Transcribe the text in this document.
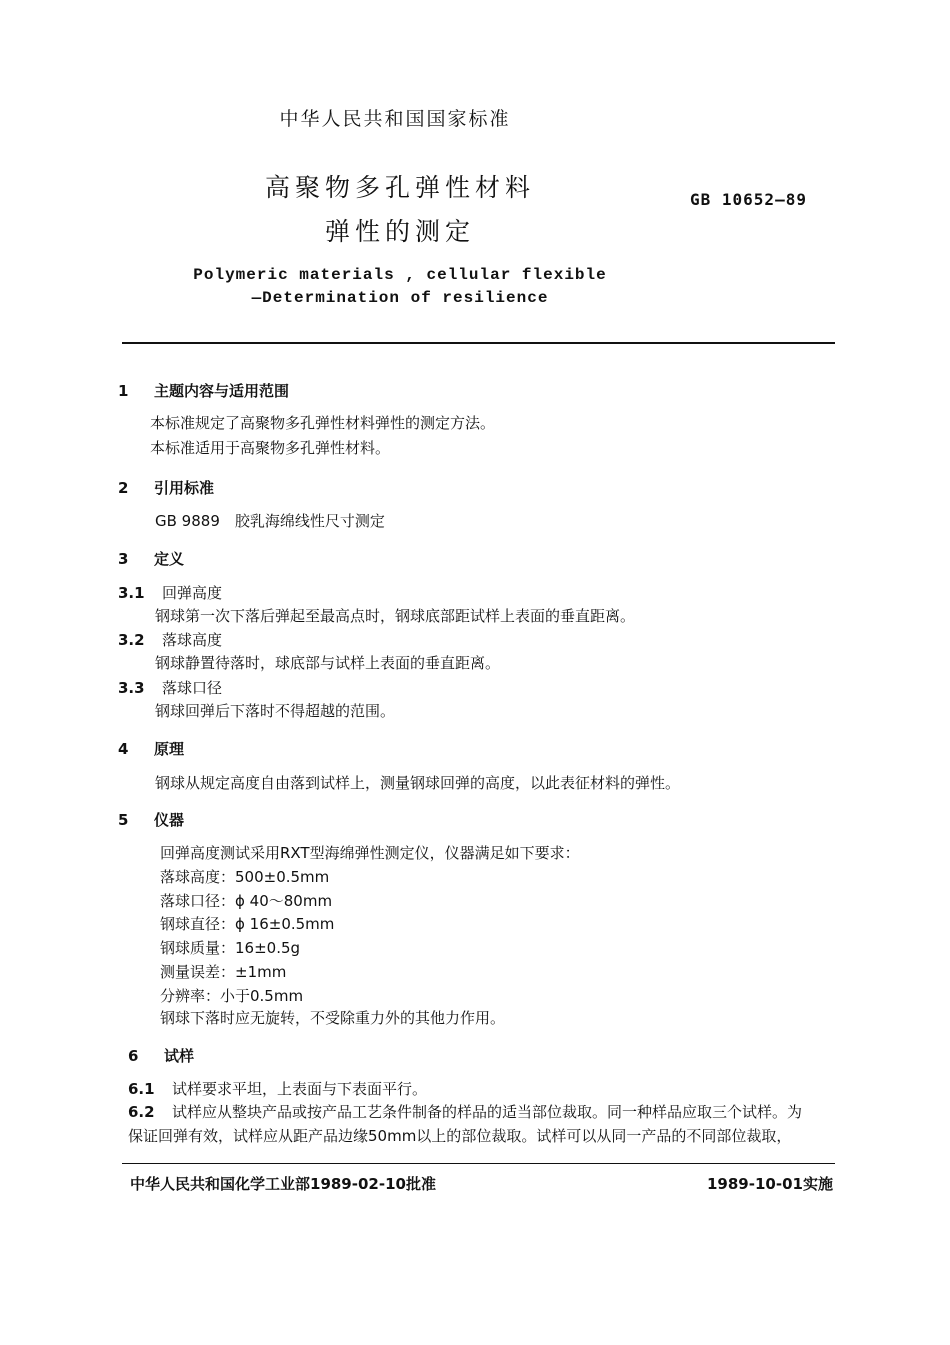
中华人民共和国国家标准
高聚物多孔弹性材料
弹性的测定
GB 10652—89
Polymeric materials , cellular flexible
—Determination of resilience
1 主题内容与适用范围
本标准规定了高聚物多孔弹性材料弹性的测定方法。
本标准适用于高聚物多孔弹性材料。
2 引用标准
GB 9889　胶乳海绵线性尺寸测定
3 定义
3.1 回弹高度
钢球第一次下落后弹起至最高点时，钢球底部距试样上表面的垂直距离。
3.2 落球高度
钢球静置待落时，球底部与试样上表面的垂直距离。
3.3 落球口径
钢球回弹后下落时不得超越的范围。
4 原理
钢球从规定高度自由落到试样上，测量钢球回弹的高度，以此表征材料的弹性。
5 仪器
回弹高度测试采用RXT型海绵弹性测定仪，仪器满足如下要求：
落球高度：500±0.5mm
落球口径：ϕ 40～80mm
钢球直径：ϕ 16±0.5mm
钢球质量：16±0.5g
测量误差：±1mm
分辨率：小于0.5mm
钢球下落时应无旋转，不受除重力外的其他力作用。
6 试样
6.1 试样要求平坦，上表面与下表面平行。
6.2 试样应从整块产品或按产品工艺条件制备的样品的适当部位裁取。同一种样品应取三个试样。为
保证回弹有效，试样应从距产品边缘50mm以上的部位裁取。试样可以从同一产品的不同部位裁取，
中华人民共和国化学工业部1989-02-10批准	1989-10-01实施
